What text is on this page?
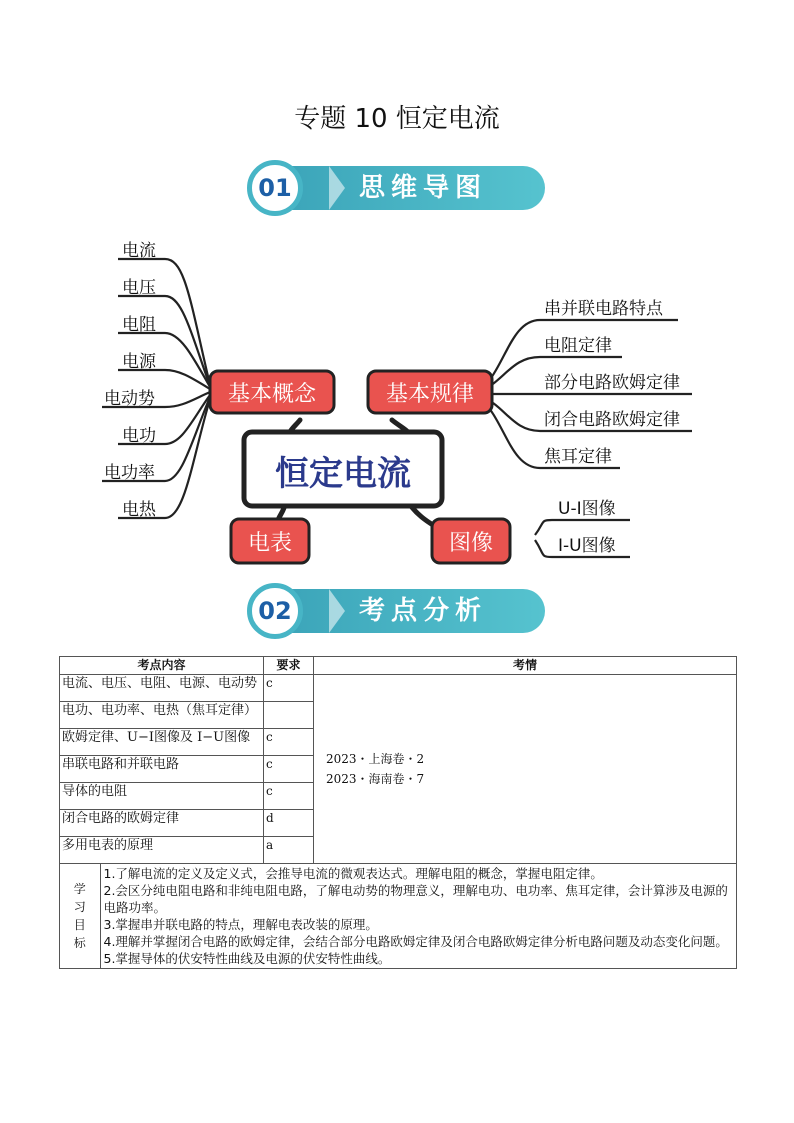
专题 10 恒定电流
01	思维导图
电流
电压
电阻
电源
电动势
电功
电功率
电热
串并联电路特点
电阻定律
部分电路欧姆定律
闭合电路欧姆定律
焦耳定律
U-I图像
I-U图像
基本概念	基本规律
恒定电流
电表	图像
02	考点分析
考点内容	要求	考情
电流、电压、电阻、电源、电动势	c	
2023・上海卷・2
2023・海南卷・7

电功、电功率、电热（焦耳定律）	
欧姆定律、U−I图像及 I−U图像	c
串联电路和并联电路	c
导体的电阻	c
闭合电路的欧姆定律	d
多用电表的原理	a

学
习
目
标

1.了解电流的定义及定义式，会推导电流的微观表达式。理解电阻的概念，掌握电阻定律。
2.会区分纯电阻电路和非纯电阻电路，了解电动势的物理意义，理解电功、电功率、焦耳定律，会计算涉及电源的电路功率。
3.掌握串并联电路的特点，理解电表改装的原理。
4.理解并掌握闭合电路的欧姆定律，会结合部分电路欧姆定律及闭合电路欧姆定律分析电路问题及动态变化问题。
5.掌握导体的伏安特性曲线及电源的伏安特性曲线。
